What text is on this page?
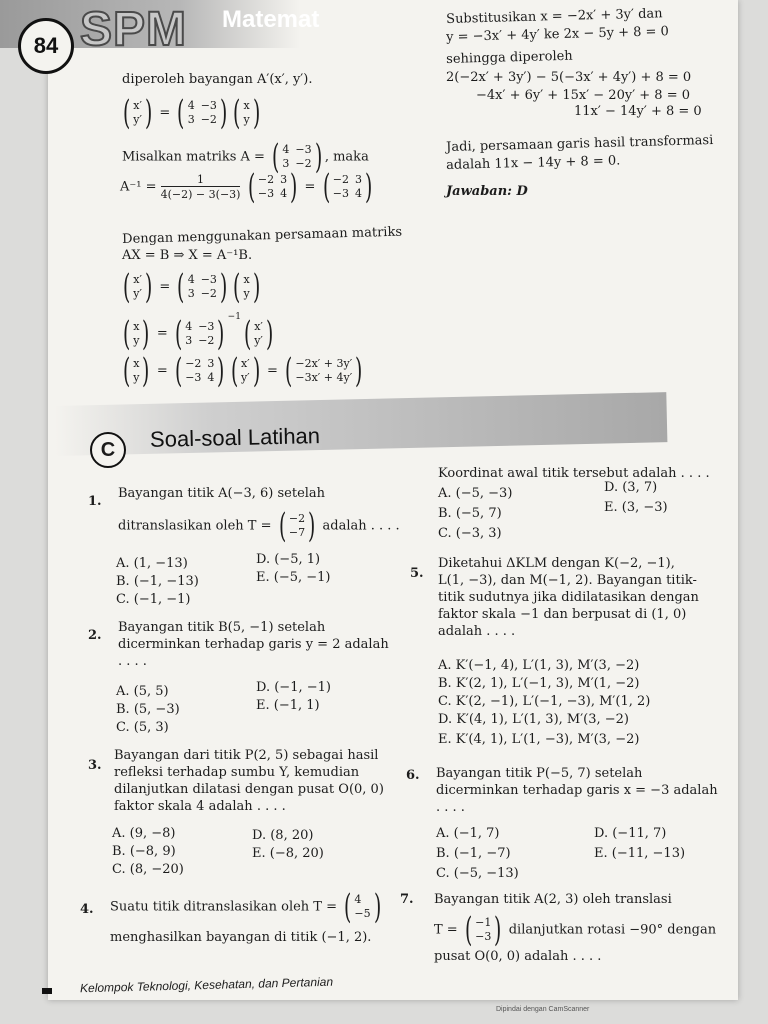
84 SPM Matemat
diperoleh bayangan A′(x′, y′).
( x′
y′ ) = ( 4 −3
3 −2 ) ( x
y )
Misalkan matriks A = ( 4 −3
3 −2 ) , maka
$A^{-1} = \frac{1}{4(-2) - 3(-3)}$
( −2 3
−3 4 ) = ( −2 3
−3 4 )
Dengan menggunakan persamaan matriks
AX = B ⇒ X = A⁻¹B.
( x′
y′ ) = ( 4 −3
3 −2 ) ( x
y )
( x
y ) = ( 4 −3
3 −2 ) $^{-1}$ ( x′
y′ )
( x
y ) = ( −2 3
−3 4 ) ( x′
y′ ) = ( −2x′ + 3y′
−3x′ + 4y′ )
Substitusikan x = −2x′ + 3y′ dan
y = −3x′ + 4y′ ke 2x − 5y + 8 = 0
sehingga diperoleh
2(−2x′ + 3y′) − 5(−3x′ + 4y′) + 8 = 0
−4x′ + 6y′ + 15x′ − 20y′ + 8 = 0
11x′ − 14y′ + 8 = 0
Jadi, persamaan garis hasil transformasi
adalah 11x − 14y + 8 = 0.
Jawaban: D
C	Soal-soal Latihan
1.
Bayangan titik A(−3, 6) setelah
ditranslasikan oleh T = ( −2
−7 ) adalah . . . .
A. (1, −13)
B. (−1, −13)
C. (−1, −1)
D. (−5, 1)
E. (−5, −1)
2.
Bayangan titik B(5, −1) setelah
dicerminkan terhadap garis y = 2 adalah
. . . .
A. (5, 5)
B. (5, −3)
C. (5, 3)
D. (−1, −1)
E. (−1, 1)
3.
Bayangan dari titik P(2, 5) sebagai hasil
refleksi terhadap sumbu Y, kemudian
dilanjutkan dilatasi dengan pusat O(0, 0)
faktor skala 4 adalah . . . .
A. (9, −8)
B. (−8, 9)
C. (8, −20)
D. (8, 20)
E. (−8, 20)
4. Suatu titik ditranslasikan oleh T = ( 4
−5 )
menghasilkan bayangan di titik (−1, 2).
Koordinat awal titik tersebut adalah . . . .
A. (−5, −3)
B. (−5, 7)
C. (−3, 3)
D. (3, 7)
E. (3, −3)
5.
Diketahui ΔKLM dengan K(−2, −1),
L(1, −3), dan M(−1, 2). Bayangan titik-
titik sudutnya jika didilatasikan dengan
faktor skala −1 dan berpusat di (1, 0)
adalah . . . .
A. K′(−1, 4), L′(1, 3), M′(3, −2)
B. K′(2, 1), L′(−1, 3), M′(1, −2)
C. K′(2, −1), L′(−1, −3), M′(1, 2)
D. K′(4, 1), L′(1, 3), M′(3, −2)
E. K′(4, 1), L′(1, −3), M′(3, −2)
6. Bayangan titik P(−5, 7) setelah
dicerminkan terhadap garis x = −3 adalah
. . . .
A. (−1, 7)
B. (−1, −7)
C. (−5, −13)
D. (−11, 7)
E. (−11, −13)
7. Bayangan titik A(2, 3) oleh translasi
T = ( −1
−3 ) dilanjutkan rotasi −90° dengan
pusat O(0, 0) adalah . . . .
Kelompok Teknologi, Kesehatan, dan Pertanian
Dipindai dengan CamScanner
